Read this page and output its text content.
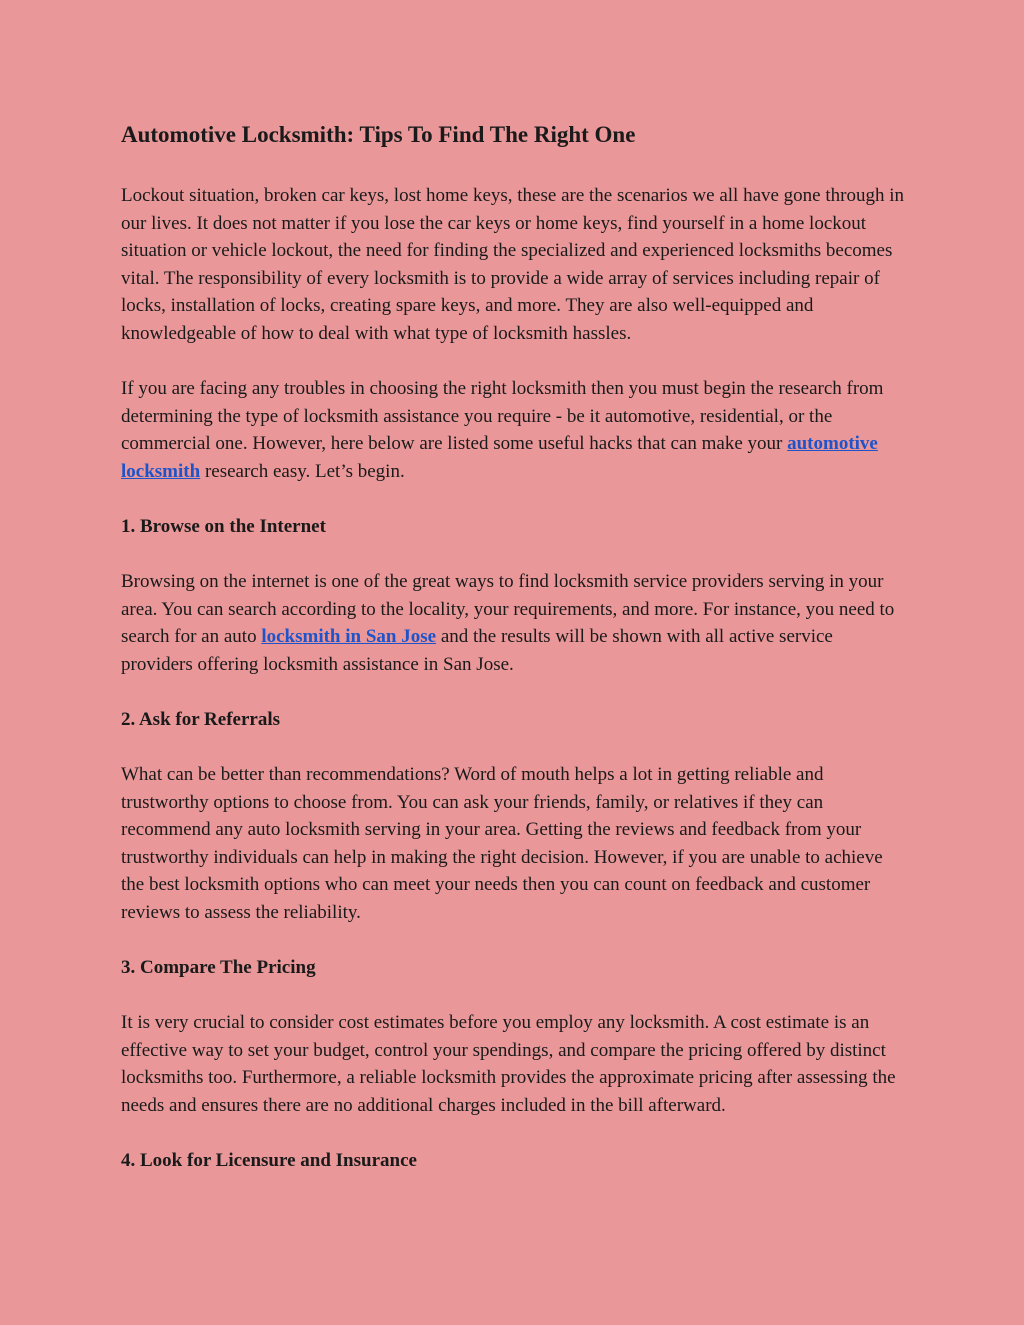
Automotive Locksmith: Tips To Find The Right One

Lockout situation, broken car keys, lost home keys, these are the scenarios we all have gone through in our lives. It does not matter if you lose the car keys or home keys, find yourself in a home lockout situation or vehicle lockout, the need for finding the specialized and experienced locksmiths becomes vital. The responsibility of every locksmith is to provide a wide array of services including repair of locks, installation of locks, creating spare keys, and more. They are also well-equipped and knowledgeable of how to deal with what type of locksmith hassles.

If you are facing any troubles in choosing the right locksmith then you must begin the research from determining the type of locksmith assistance you require - be it automotive, residential, or the commercial one. However, here below are listed some useful hacks that can make your automotive locksmith research easy. Let’s begin.

1. Browse on the Internet

Browsing on the internet is one of the great ways to find locksmith service providers serving in your area. You can search according to the locality, your requirements, and more. For instance, you need to search for an auto locksmith in San Jose and the results will be shown with all active service providers offering locksmith assistance in San Jose.

2. Ask for Referrals

What can be better than recommendations? Word of mouth helps a lot in getting reliable and trustworthy options to choose from. You can ask your friends, family, or relatives if they can recommend any auto locksmith serving in your area. Getting the reviews and feedback from your trustworthy individuals can help in making the right decision. However, if you are unable to achieve the best locksmith options who can meet your needs then you can count on feedback and customer reviews to assess the reliability.

3. Compare The Pricing

It is very crucial to consider cost estimates before you employ any locksmith. A cost estimate is an effective way to set your budget, control your spendings, and compare the pricing offered by distinct locksmiths too. Furthermore, a reliable locksmith provides the approximate pricing after assessing the needs and ensures there are no additional charges included in the bill afterward.

4. Look for Licensure and Insurance
